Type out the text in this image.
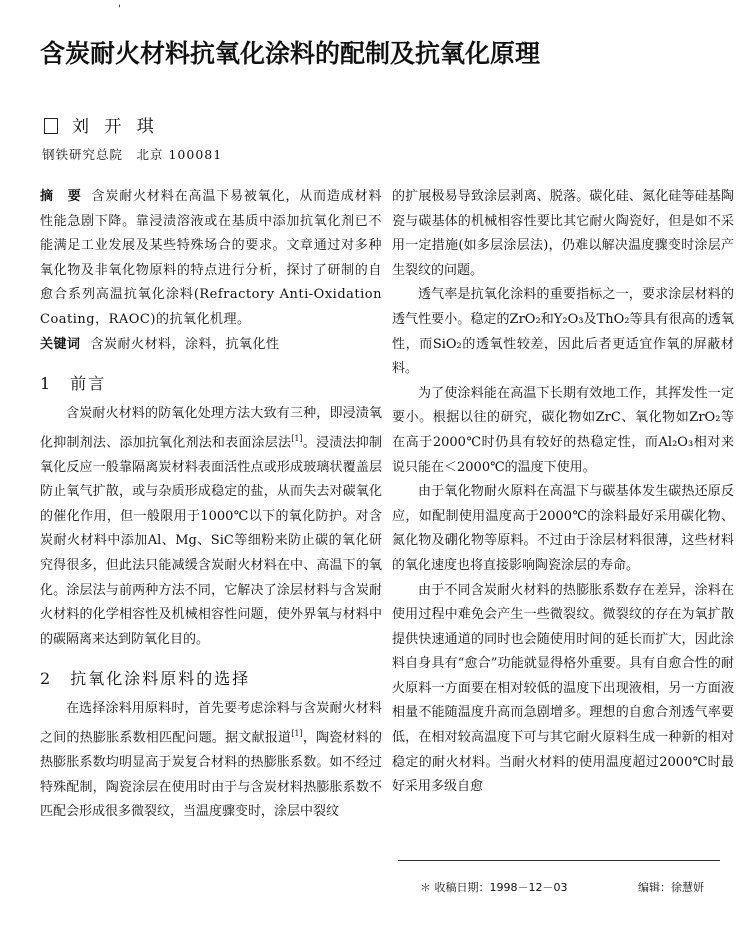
'
含炭耐火材料抗氧化涂料的配制及抗氧化原理
刘 开 琪
钢铁研究总院　北京 100081

摘　要 含炭耐火材料在高温下易被氧化，从而造成材料性能急剧下降。靠浸渍溶液或在基质中添加抗氧化剂已不能满足工业发展及某些特殊场合的要求。文章通过对多种氧化物及非氧化物原料的特点进行分析，探讨了研制的自愈合系列高温抗氧化涂料(Refractory Anti-Oxidation Coating，RAOC)的抗氧化机理。

关键词 含炭耐火材料，涂料，抗氧化性

1 前言

含炭耐火材料的防氧化处理方法大致有三种，即浸渍氧化抑制剂法、添加抗氧化剂法和表面涂层法[1]。浸渍法抑制氧化反应一般靠隔离炭材料表面活性点或形成玻璃状覆盖层防止氧气扩散，或与杂质形成稳定的盐，从而失去对碳氧化的催化作用，但一般限用于1000℃以下的氧化防护。对含炭耐火材料中添加Al、Mg、SiC等细粉来防止碳的氧化研究得很多，但此法只能减缓含炭耐火材料在中、高温下的氧化。涂层法与前两种方法不同，它解决了涂层材料与含炭耐火材料的化学相容性及机械相容性问题，使外界氧与材料中的碳隔离来达到防氧化目的。

2 抗氧化涂料原料的选择

在选择涂料用原料时，首先要考虑涂料与含炭耐火材料之间的热膨胀系数相匹配问题。据文献报道[1]，陶瓷材料的热膨胀系数均明显高于炭复合材料的热膨胀系数。如不经过特殊配制，陶瓷涂层在使用时由于与含炭材料热膨胀系数不匹配会形成很多微裂纹，当温度骤变时，涂层中裂纹

的扩展极易导致涂层剥离、脱落。碳化硅、氮化硅等硅基陶瓷与碳基体的机械相容性要比其它耐火陶瓷好，但是如不采用一定措施(如多层涂层法)，仍难以解决温度骤变时涂层产生裂纹的问题。

透气率是抗氧化涂料的重要指标之一，要求涂层材料的透气性要小。稳定的ZrO₂和Y₂O₃及ThO₂等具有很高的透氧性，而SiO₂的透氧性较差，因此后者更适宜作氧的屏蔽材料。

为了使涂料能在高温下长期有效地工作，其挥发性一定要小。根据以往的研究，碳化物如ZrC、氧化物如ZrO₂等在高于2000℃时仍具有较好的热稳定性，而Al₂O₃相对来说只能在＜2000℃的温度下使用。

由于氧化物耐火原料在高温下与碳基体发生碳热还原反应，如配制使用温度高于2000℃的涂料最好采用碳化物、氮化物及硼化物等原料。不过由于涂层材料很薄，这些材料的氧化速度也将直接影响陶瓷涂层的寿命。

由于不同含炭耐火材料的热膨胀系数存在差异，涂料在使用过程中难免会产生一些微裂纹。微裂纹的存在为氧扩散提供快速通道的同时也会随使用时间的延长而扩大，因此涂料自身具有“愈合”功能就显得格外重要。具有自愈合性的耐火原料一方面要在相对较低的温度下出现液相，另一方面液相量不能随温度升高而急剧增多。理想的自愈合剂透气率要低，在相对较高温度下可与其它耐火原料生成一种新的相对稳定的耐火材料。当耐火材料的使用温度超过2000℃时最好采用多级自愈

＊ 收稿日期：1998－12－03	编辑：徐慧妍
